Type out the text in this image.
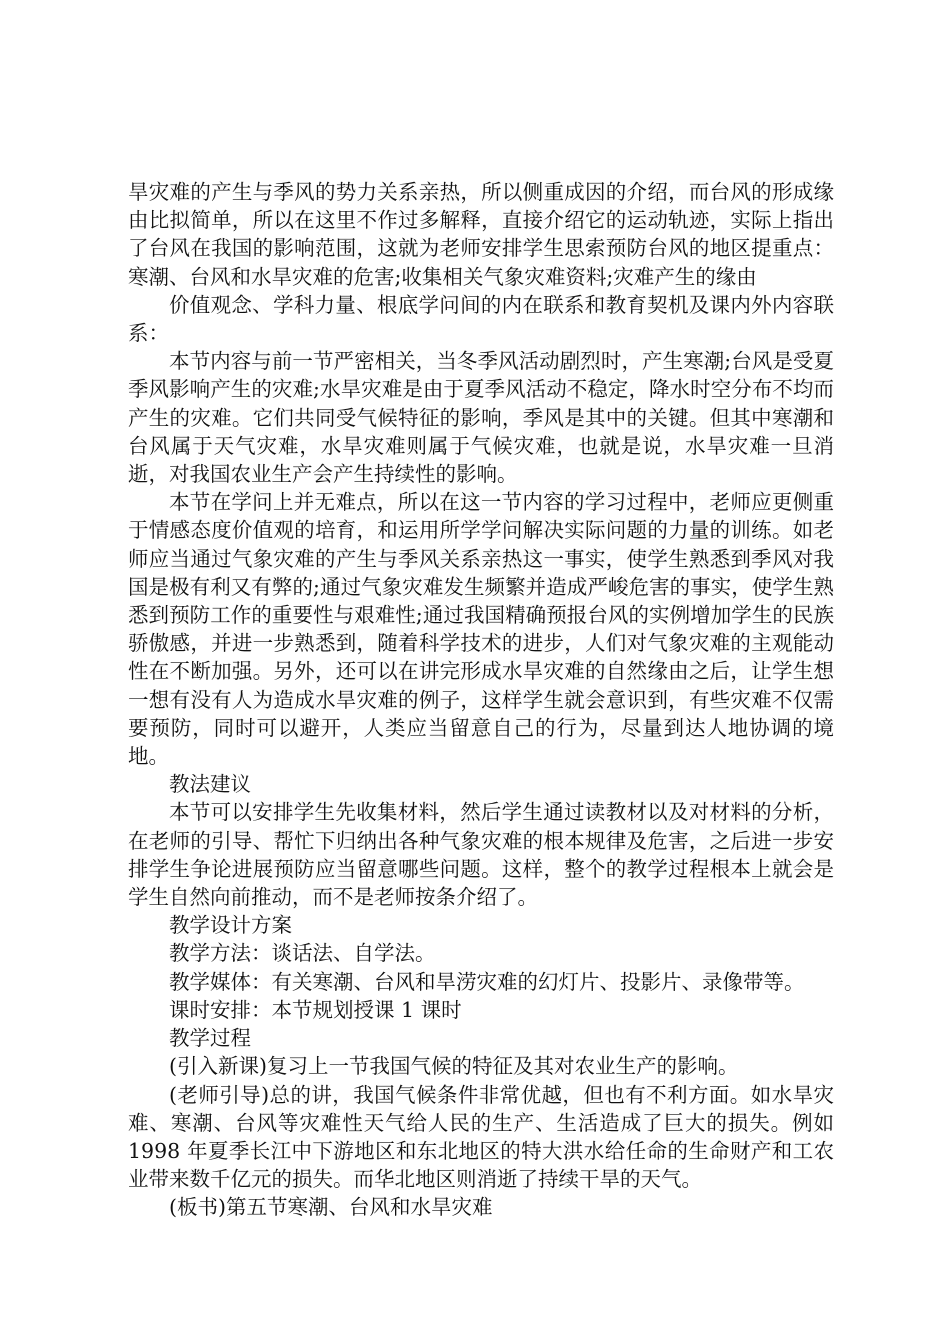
旱灾难的产生与季风的势力关系亲热，所以侧重成因的介绍，而台风的形成缘由比拟简单，所以在这里不作过多解释，直接介绍它的运动轨迹，实际上指出了台风在我国的影响范围，这就为老师安排学生思索预防台风的地区提重点：寒潮、台风和水旱灾难的危害;收集相关气象灾难资料;灾难产生的缘由

价值观念、学科力量、根底学问间的内在联系和教育契机及课内外内容联系：

本节内容与前一节严密相关，当冬季风活动剧烈时，产生寒潮;台风是受夏季风影响产生的灾难;水旱灾难是由于夏季风活动不稳定，降水时空分布不均而产生的灾难。它们共同受气候特征的影响，季风是其中的关键。但其中寒潮和台风属于天气灾难，水旱灾难则属于气候灾难，也就是说，水旱灾难一旦消逝，对我国农业生产会产生持续性的影响。

本节在学问上并无难点，所以在这一节内容的学习过程中，老师应更侧重于情感态度价值观的培育，和运用所学学问解决实际问题的力量的训练。如老师应当通过气象灾难的产生与季风关系亲热这一事实，使学生熟悉到季风对我国是极有利又有弊的;通过气象灾难发生频繁并造成严峻危害的事实，使学生熟悉到预防工作的重要性与艰难性;通过我国精确预报台风的实例增加学生的民族骄傲感，并进一步熟悉到，随着科学技术的进步，人们对气象灾难的主观能动性在不断加强。另外，还可以在讲完形成水旱灾难的自然缘由之后，让学生想一想有没有人为造成水旱灾难的例子，这样学生就会意识到，有些灾难不仅需要预防，同时可以避开，人类应当留意自己的行为，尽量到达人地协调的境地。

教法建议

本节可以安排学生先收集材料，然后学生通过读教材以及对材料的分析，在老师的引导、帮忙下归纳出各种气象灾难的根本规律及危害，之后进一步安排学生争论进展预防应当留意哪些问题。这样，整个的教学过程根本上就会是学生自然向前推动，而不是老师按条介绍了。

教学设计方案

教学方法：谈话法、自学法。

教学媒体：有关寒潮、台风和旱涝灾难的幻灯片、投影片、录像带等。

课时安排：本节规划授课 1 课时

教学过程

(引入新课)复习上一节我国气候的特征及其对农业生产的影响。

(老师引导)总的讲，我国气候条件非常优越，但也有不利方面。如水旱灾难、寒潮、台风等灾难性天气给人民的生产、生活造成了巨大的损失。例如 1998 年夏季长江中下游地区和东北地区的特大洪水给任命的生命财产和工农业带来数千亿元的损失。而华北地区则消逝了持续干旱的天气。

(板书)第五节寒潮、台风和水旱灾难
